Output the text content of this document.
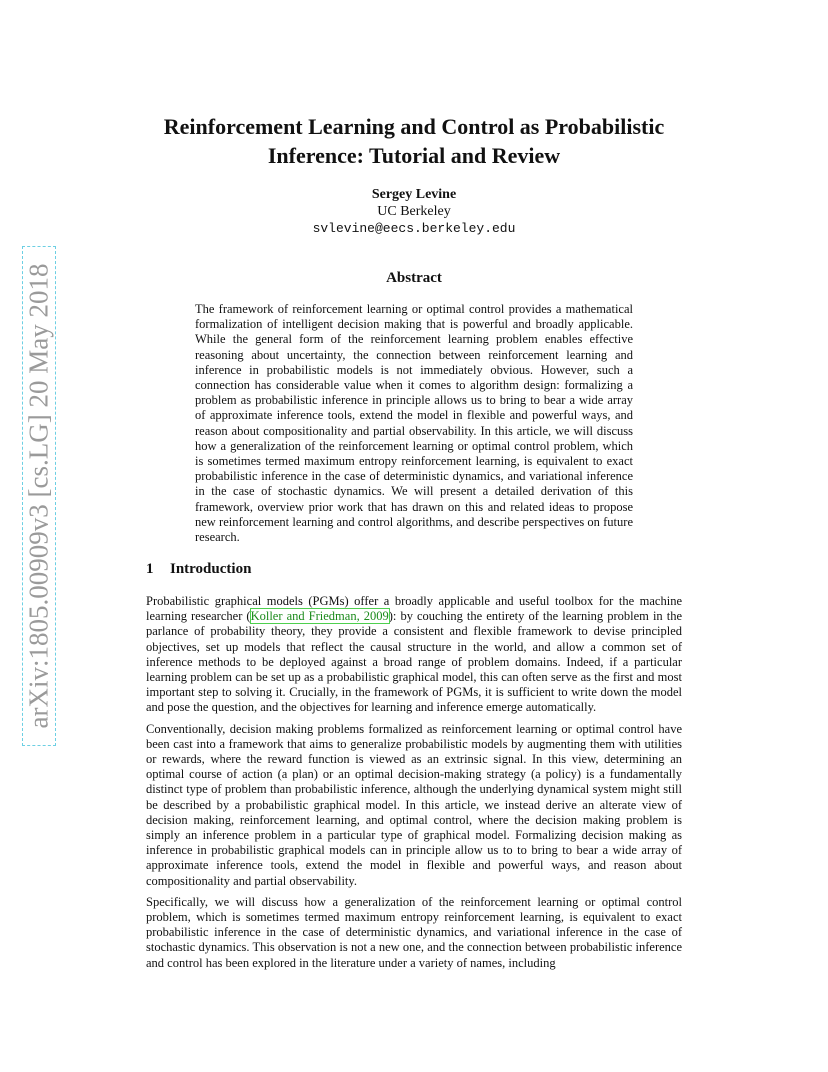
arXiv:1805.00909v3 [cs.LG] 20 May 2018
Reinforcement Learning and Control as Probabilistic Inference: Tutorial and Review
Sergey Levine
UC Berkeley
svlevine@eecs.berkeley.edu
Abstract

The framework of reinforcement learning or optimal control provides a mathematical formalization of intelligent decision making that is powerful and broadly applicable. While the general form of the reinforcement learning problem enables effective reasoning about uncertainty, the connection between reinforcement learning and inference in probabilistic models is not immediately obvious. However, such a connection has considerable value when it comes to algorithm design: formalizing a problem as probabilistic inference in principle allows us to bring to bear a wide array of approximate inference tools, extend the model in flexible and powerful ways, and reason about compositionality and partial observability. In this article, we will discuss how a generalization of the reinforcement learning or optimal control problem, which is sometimes termed maximum entropy reinforcement learning, is equivalent to exact probabilistic inference in the case of deterministic dynamics, and variational inference in the case of stochastic dynamics. We will present a detailed derivation of this framework, overview prior work that has drawn on this and related ideas to propose new reinforcement learning and control algorithms, and describe perspectives on future research.

1 Introduction

Probabilistic graphical models (PGMs) offer a broadly applicable and useful toolbox for the machine learning researcher (Koller and Friedman, 2009): by couching the entirety of the learning problem in the parlance of probability theory, they provide a consistent and flexible framework to devise principled objectives, set up models that reflect the causal structure in the world, and allow a common set of inference methods to be deployed against a broad range of problem domains. Indeed, if a particular learning problem can be set up as a probabilistic graphical model, this can often serve as the first and most important step to solving it. Crucially, in the framework of PGMs, it is sufficient to write down the model and pose the question, and the objectives for learning and inference emerge automatically.

Conventionally, decision making problems formalized as reinforcement learning or optimal control have been cast into a framework that aims to generalize probabilistic models by augmenting them with utilities or rewards, where the reward function is viewed as an extrinsic signal. In this view, determining an optimal course of action (a plan) or an optimal decision-making strategy (a policy) is a fundamentally distinct type of problem than probabilistic inference, although the underlying dynamical system might still be described by a probabilistic graphical model. In this article, we instead derive an alterate view of decision making, reinforcement learning, and optimal control, where the decision making problem is simply an inference problem in a particular type of graphical model. Formalizing decision making as inference in probabilistic graphical models can in principle allow us to to bring to bear a wide array of approximate inference tools, extend the model in flexible and powerful ways, and reason about compositionality and partial observability.

Specifically, we will discuss how a generalization of the reinforcement learning or optimal control problem, which is sometimes termed maximum entropy reinforcement learning, is equivalent to exact probabilistic inference in the case of deterministic dynamics, and variational inference in the case of stochastic dynamics. This observation is not a new one, and the connection between probabilistic inference and control has been explored in the literature under a variety of names, including
